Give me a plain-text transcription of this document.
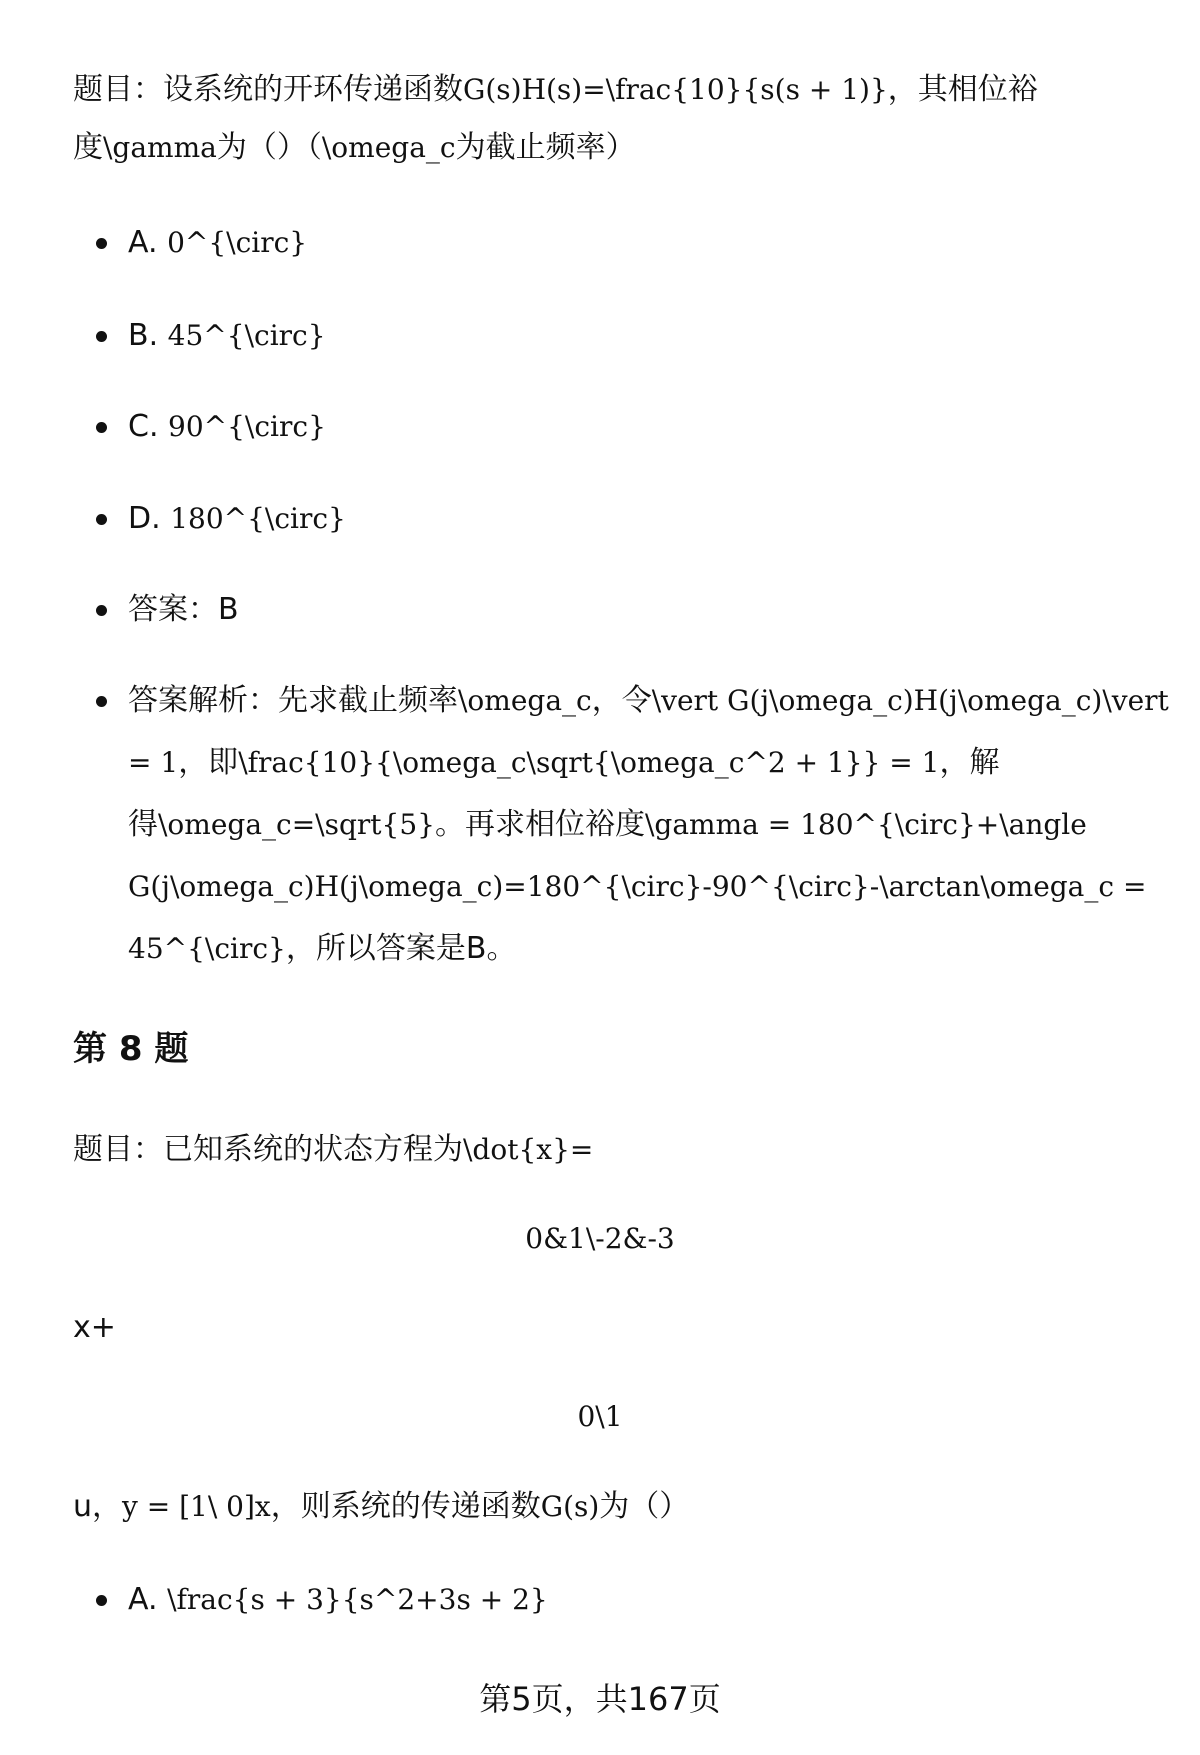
题目：设系统的开环传递函数G(s)H(s)=\frac{10}{s(s + 1)}，其相位裕
度\gamma为（）（\omega_c为截止频率）
A. 0^{\circ}
B. 45^{\circ}
C. 90^{\circ}
D. 180^{\circ}
答案：B
答案解析：先求截止频率\omega_c，令\vert G(j\omega_c)H(j\omega_c)\vert
= 1，即\frac{10}{\omega_c\sqrt{\omega_c^2 + 1}} = 1，解
得\omega_c=\sqrt{5}。再求相位裕度\gamma = 180^{\circ}+\angle
G(j\omega_c)H(j\omega_c)=180^{\circ}-90^{\circ}-\arctan\omega_c =
45^{\circ}，所以答案是B。
第 8 题
题目：已知系统的状态方程为\dot{x}=
0&1\-2&-3
x+
0\1
u，y = [1\ 0]x，则系统的传递函数G(s)为（）
A. \frac{s + 3}{s^2+3s + 2}
第5页，共167页
